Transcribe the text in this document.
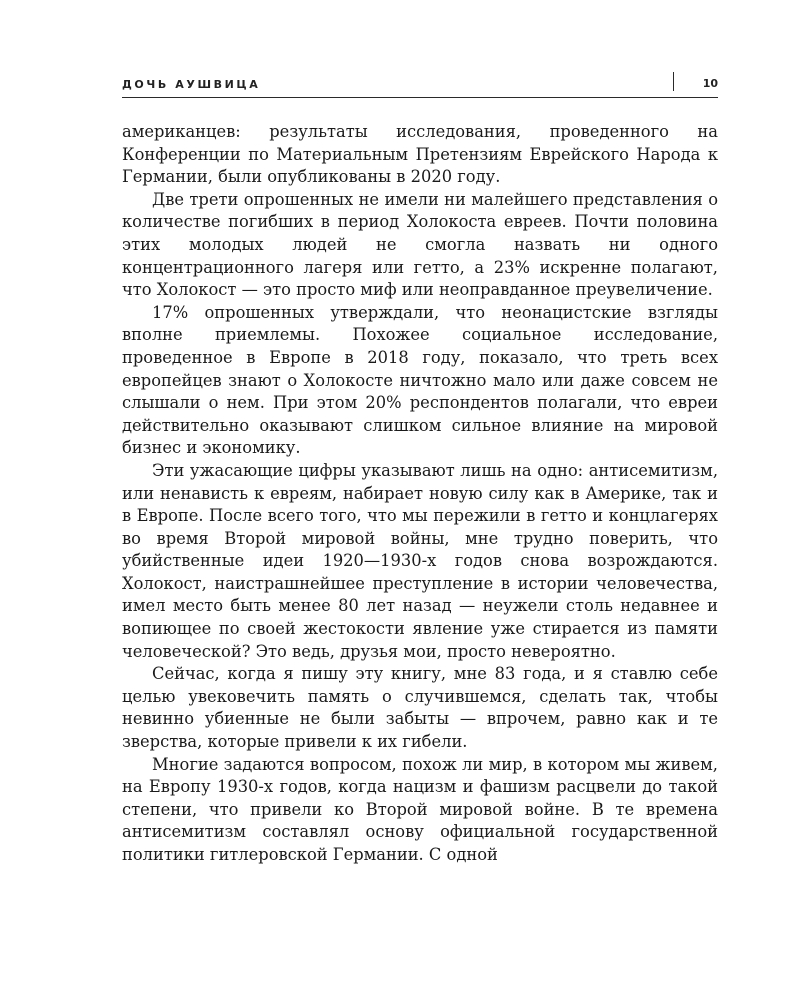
ДОЧЬ АУШВИЦА	10

американцев: результаты исследования, проведенного на Конференции по Материальным Претензиям Еврейского Народа к Германии, были опубликованы в 2020 году.

Две трети опрошенных не имели ни малейшего представления о количестве погибших в период Холокоста евреев. Почти половина этих молодых людей не смогла назвать ни одного концентрационного лагеря или гетто, а 23% искренне полагают, что Холокост — это просто миф или неоправданное преувеличение.

17% опрошенных утверждали, что неонацистские взгляды вполне приемлемы. Похожее социальное исследование, проведенное в Европе в 2018 году, показало, что треть всех европейцев знают о Холокосте ничтожно мало или даже совсем не слышали о нем. При этом 20% респондентов полагали, что евреи действительно оказывают слишком сильное влияние на мировой бизнес и экономику.

Эти ужасающие цифры указывают лишь на одно: антисемитизм, или ненависть к евреям, набирает новую силу как в Америке, так и в Европе. После всего того, что мы пережили в гетто и концлагерях во время Второй мировой войны, мне трудно поверить, что убийственные идеи 1920—1930-х годов снова возрождаются. Холокост, наистрашнейшее преступление в истории человечества, имел место быть менее 80 лет назад — неужели столь недавнее и вопиющее по своей жестокости явление уже стирается из памяти человеческой? Это ведь, друзья мои, просто невероятно.

Сейчас, когда я пишу эту книгу, мне 83 года, и я ставлю себе целью увековечить память о случившемся, сделать так, чтобы невинно убиенные не были забыты — впрочем, равно как и те зверства, которые привели к их гибели.

Многие задаются вопросом, похож ли мир, в котором мы живем, на Европу 1930-х годов, когда нацизм и фашизм расцвели до такой степени, что привели ко Второй мировой войне. В те времена антисемитизм составлял основу официальной государственной политики гитлеровской Германии. С одной
